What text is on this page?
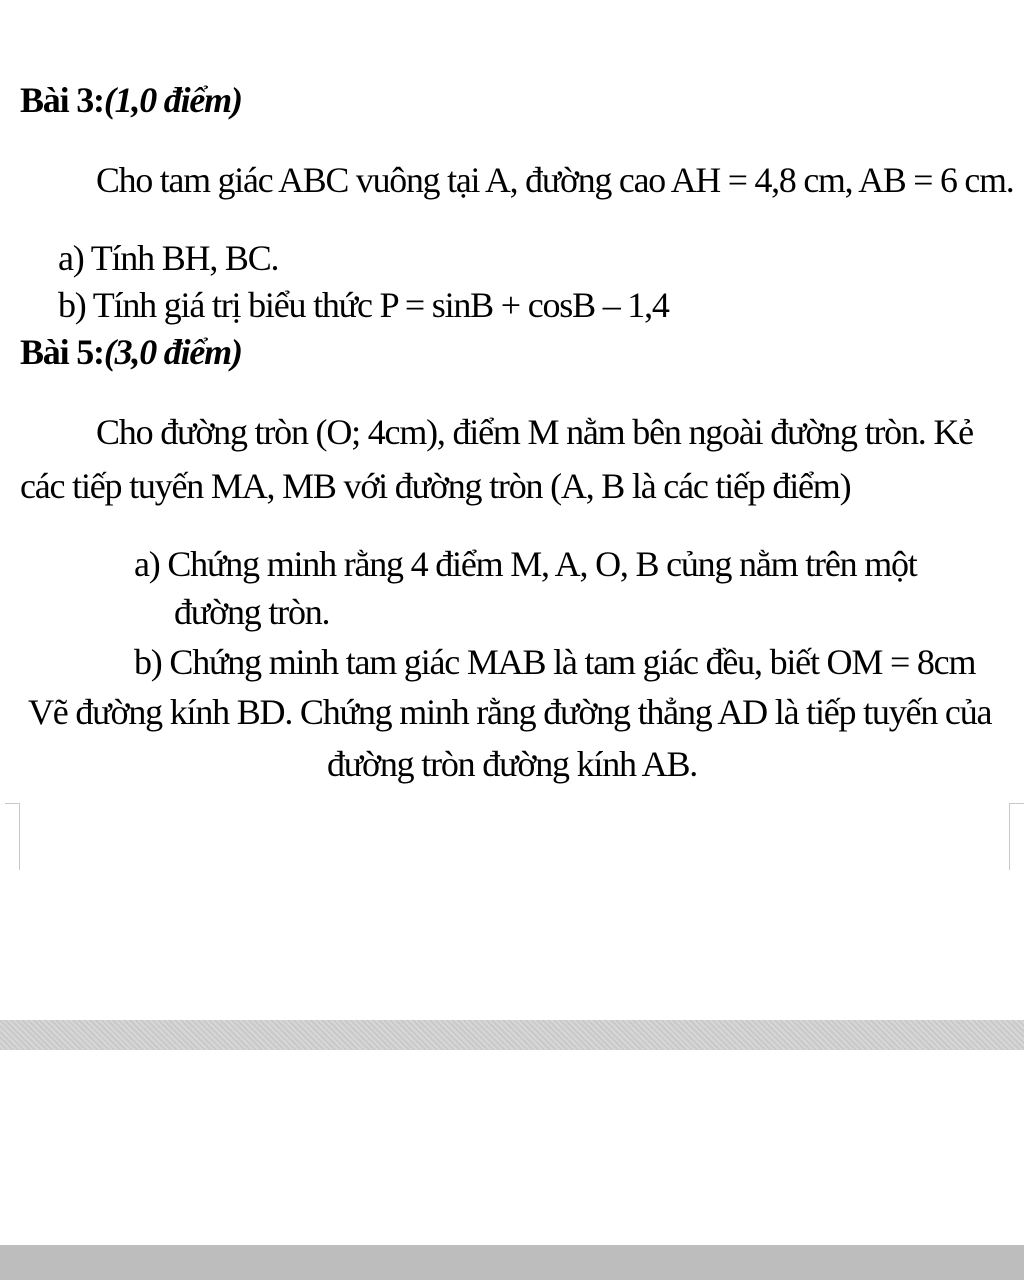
Bài 3:(1,0 điểm)
Cho tam giác ABC vuông tại A, đường cao AH = 4,8 cm, AB = 6 cm.
a) Tính BH, BC.
b) Tính giá trị biểu thức P = sinB + cosB – 1,4
Bài 5:(3,0 điểm)
Cho đường tròn (O; 4cm), điểm M nằm bên ngoài đường tròn. Kẻ
các tiếp tuyến MA, MB với đường tròn (A, B là các tiếp điểm)
a) Chứng minh rằng 4 điểm M, A, O, B củng nằm trên một
đường tròn.
b) Chứng minh tam giác MAB là tam giác đều, biết OM = 8cm
Vẽ đường kính BD. Chứng minh rằng đường thẳng AD là tiếp tuyến của
đường tròn đường kính AB.
